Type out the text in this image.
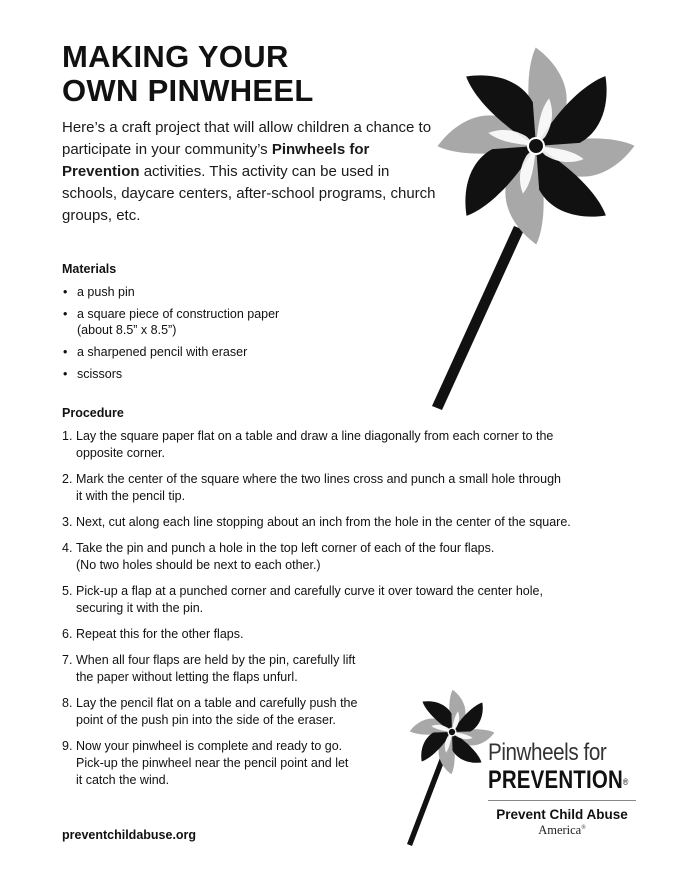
MAKING YOUR
OWN PINWHEEL

Here’s a craft project that will allow children a chance to participate in your community’s Pinwheels for Prevention activities. This activity can be used in schools, daycare centers, after-school programs, church groups, etc.

Materials
• a push pin
• a square piece of construction paper
(about 8.5” x 8.5”)
• a sharpened pencil with eraser
• scissors
Procedure
1. Lay the square paper flat on a table and draw a line diagonally from each corner to the
opposite corner.
2. Mark the center of the square where the two lines cross and punch a small hole through
it with the pencil tip.
3. Next, cut along each line stopping about an inch from the hole in the center of the square.
4. Take the pin and punch a hole in the top left corner of each of the four flaps.
(No two holes should be next to each other.)
5. Pick-up a flap at a punched corner and carefully curve it over toward the center hole,
securing it with the pin.
6. Repeat this for the other flaps.
7. When all four flaps are held by the pin, carefully lift
the paper without letting the flaps unfurl.
8. Lay the pencil flat on a table and carefully push the
point of the push pin into the side of the eraser.
9. Now your pinwheel is complete and ready to go.
Pick-up the pinwheel near the pencil point and let
it catch the wind.

preventchildabuse.org

Pinwheels for
PREVENTION®
Prevent Child Abuse
America®
